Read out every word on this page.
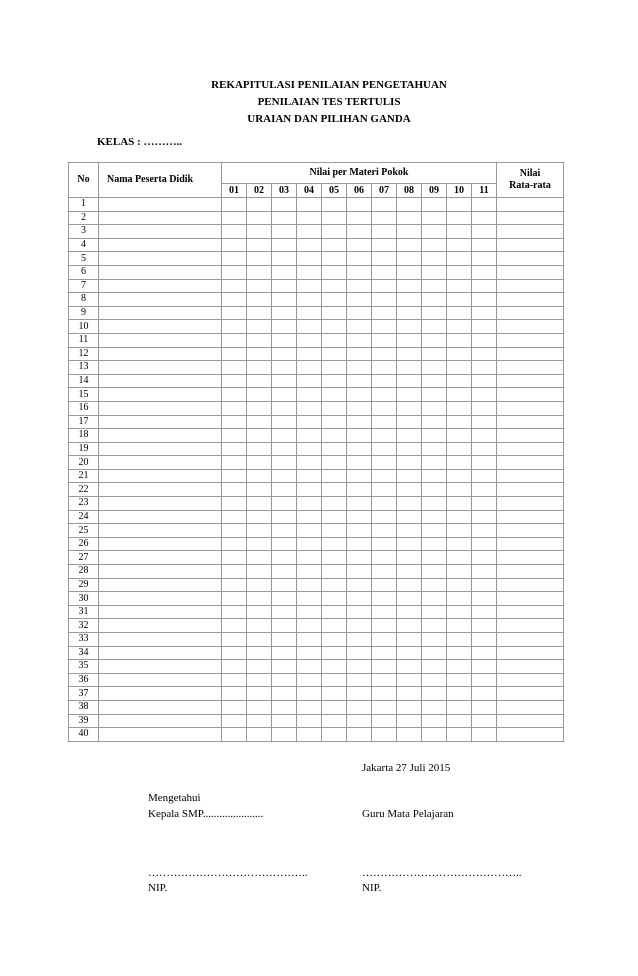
REKAPITULASI PENILAIAN PENGETAHUAN
PENILAIAN TES TERTULIS
URAIAN DAN PILIHAN GANDA
KELAS : ………..
No	Nama Peserta Didik	Nilai per Materi Pokok											Nilai
Rata-rata
		01	02	03	04	05	06	07	08	09	10	11	
1													
2													
3													
4													
5													
6													
7													
8													
9													
10													
11													
12													
13													
14													
15													
16													
17													
18													
19													
20													
21													
22													
23													
24													
25													
26													
27													
28													
29													
30													
31													
32													
33													
34													
35													
36													
37													
38													
39													
40													
Jakarta 27 Juli 2015
Mengetahui
Kepala SMP......................	Guru Mata Pelajaran
……………………………………..	……………………………………..
NIP.	NIP.
